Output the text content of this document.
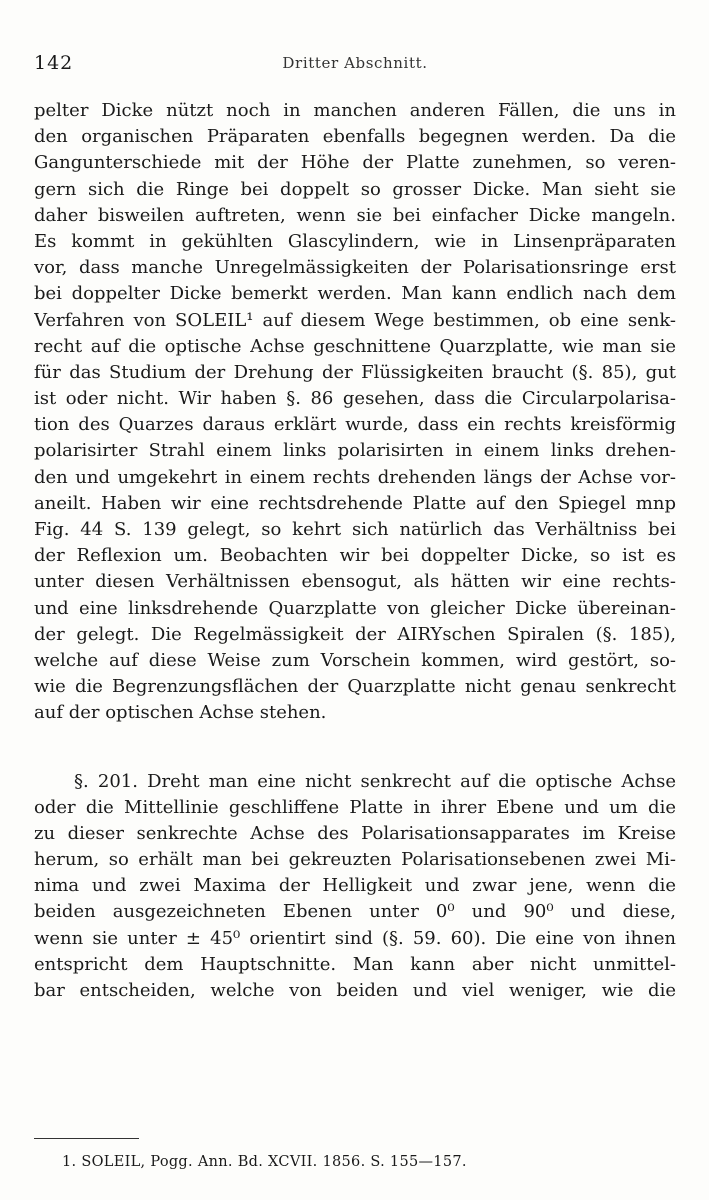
142	Dritter Abschnitt.
pelter Dicke nützt noch in manchen anderen Fällen, die uns in
den organischen Präparaten ebenfalls begegnen werden. Da die
Gangunterschiede mit der Höhe der Platte zunehmen, so veren-
gern sich die Ringe bei doppelt so grosser Dicke. Man sieht sie
daher bisweilen auftreten, wenn sie bei einfacher Dicke mangeln.
Es kommt in gekühlten Glascylindern, wie in Linsenpräparaten
vor, dass manche Unregelmässigkeiten der Polarisationsringe erst
bei doppelter Dicke bemerkt werden. Man kann endlich nach dem
Verfahren von SOLEIL¹ auf diesem Wege bestimmen, ob eine senk-
recht auf die optische Achse geschnittene Quarzplatte, wie man sie
für das Studium der Drehung der Flüssigkeiten braucht (§. 85), gut
ist oder nicht. Wir haben §. 86 gesehen, dass die Circularpolarisa-
tion des Quarzes daraus erklärt wurde, dass ein rechts kreisförmig
polarisirter Strahl einem links polarisirten in einem links drehen-
den und umgekehrt in einem rechts drehenden längs der Achse vor-
aneilt. Haben wir eine rechtsdrehende Platte auf den Spiegel mnp
Fig. 44 S. 139 gelegt, so kehrt sich natürlich das Verhältniss bei
der Reflexion um. Beobachten wir bei doppelter Dicke, so ist es
unter diesen Verhältnissen ebensogut, als hätten wir eine rechts-
und eine linksdrehende Quarzplatte von gleicher Dicke übereinan-
der gelegt. Die Regelmässigkeit der AIRYschen Spiralen (§. 185),
welche auf diese Weise zum Vorschein kommen, wird gestört, so-
wie die Begrenzungsflächen der Quarzplatte nicht genau senkrecht
auf der optischen Achse stehen.
§. 201. Dreht man eine nicht senkrecht auf die optische Achse
oder die Mittellinie geschliffene Platte in ihrer Ebene und um die
zu dieser senkrechte Achse des Polarisationsapparates im Kreise
herum, so erhält man bei gekreuzten Polarisationsebenen zwei Mi-
nima und zwei Maxima der Helligkeit und zwar jene, wenn die
beiden ausgezeichneten Ebenen unter 0⁰ und 90⁰ und diese,
wenn sie unter ± 45⁰ orientirt sind (§. 59. 60). Die eine von ihnen
entspricht dem Hauptschnitte. Man kann aber nicht unmittel-
bar entscheiden, welche von beiden und viel weniger, wie die
1. SOLEIL, Pogg. Ann. Bd. XCVII. 1856. S. 155—157.
